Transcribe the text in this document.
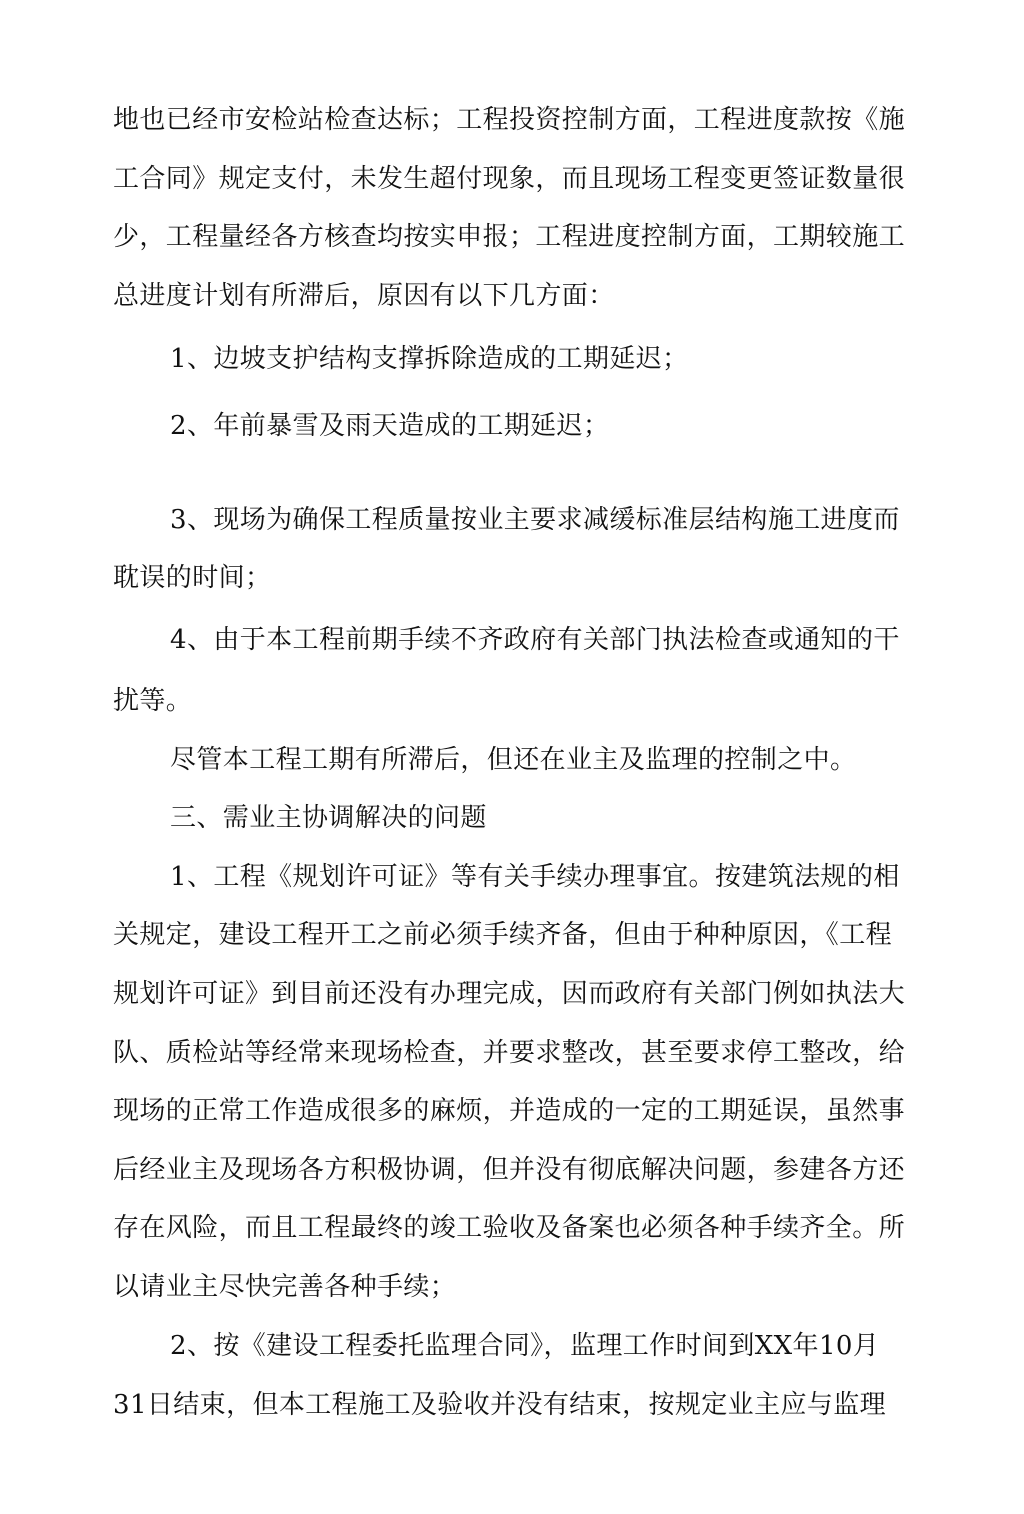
地也已经市安检站检查达标；工程投资控制方面，工程进度款按《施
工合同》规定支付，未发生超付现象，而且现场工程变更签证数量很
少，工程量经各方核查均按实申报；工程进度控制方面，工期较施工
总进度计划有所滞后，原因有以下几方面：
1、边坡支护结构支撑拆除造成的工期延迟；
2、年前暴雪及雨天造成的工期延迟；
3、现场为确保工程质量按业主要求减缓标准层结构施工进度而
耽误的时间；
4、由于本工程前期手续不齐政府有关部门执法检查或通知的干
扰等。
尽管本工程工期有所滞后，但还在业主及监理的控制之中。
三、需业主协调解决的问题
1、工程《规划许可证》等有关手续办理事宜。按建筑法规的相
关规定，建设工程开工之前必须手续齐备，但由于种种原因，《工程
规划许可证》到目前还没有办理完成，因而政府有关部门例如执法大
队、质检站等经常来现场检查，并要求整改，甚至要求停工整改，给
现场的正常工作造成很多的麻烦，并造成的一定的工期延误，虽然事
后经业主及现场各方积极协调，但并没有彻底解决问题，参建各方还
存在风险，而且工程最终的竣工验收及备案也必须各种手续齐全。所
以请业主尽快完善各种手续；
2、按《建设工程委托监理合同》，监理工作时间到XX年10月
31日结束，但本工程施工及验收并没有结束，按规定业主应与监理
